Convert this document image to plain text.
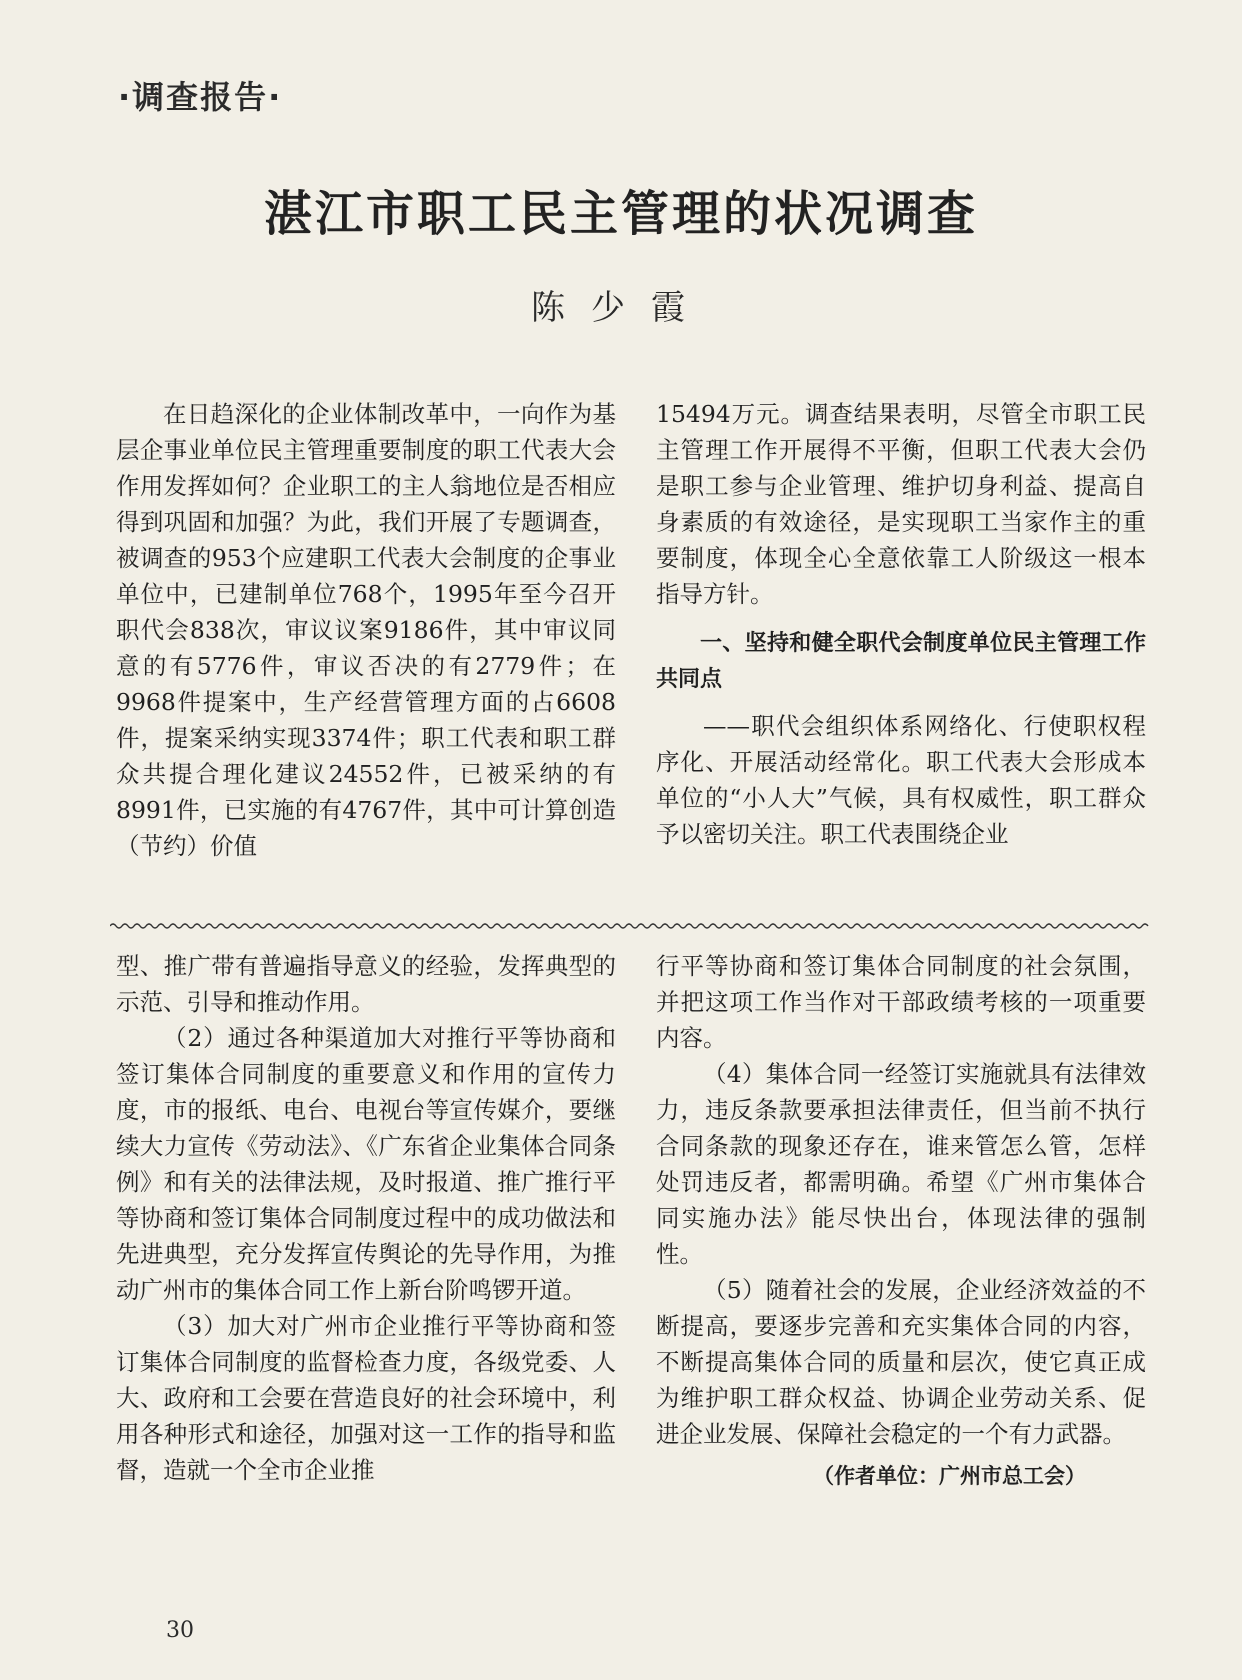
·调查报告·
湛江市职工民主管理的状况调查
陈少霞

在日趋深化的企业体制改革中，一向作为基层企事业单位民主管理重要制度的职工代表大会作用发挥如何？企业职工的主人翁地位是否相应得到巩固和加强？为此，我们开展了专题调查，被调查的953个应建职工代表大会制度的企事业单位中，已建制单位768个，1995年至今召开职代会838次，审议议案9186件，其中审议同意的有5776件，审议否决的有2779件；在9968件提案中，生产经营管理方面的占6608件，提案采纳实现3374件；职工代表和职工群众共提合理化建议24552件，已被采纳的有8991件，已实施的有4767件，其中可计算创造（节约）价值

15494万元。调查结果表明，尽管全市职工民主管理工作开展得不平衡，但职工代表大会仍是职工参与企业管理、维护切身利益、提高自身素质的有效途径，是实现职工当家作主的重要制度，体现全心全意依靠工人阶级这一根本指导方针。

一、坚持和健全职代会制度单位民主管理工作共同点

——职代会组织体系网络化、行使职权程序化、开展活动经常化。职工代表大会形成本单位的“小人大”气候，具有权威性，职工群众予以密切关注。职工代表围绕企业

型、推广带有普遍指导意义的经验，发挥典型的示范、引导和推动作用。

（2）通过各种渠道加大对推行平等协商和签订集体合同制度的重要意义和作用的宣传力度，市的报纸、电台、电视台等宣传媒介，要继续大力宣传《劳动法》、《广东省企业集体合同条例》和有关的法律法规，及时报道、推广推行平等协商和签订集体合同制度过程中的成功做法和先进典型，充分发挥宣传舆论的先导作用，为推动广州市的集体合同工作上新台阶鸣锣开道。

（3）加大对广州市企业推行平等协商和签订集体合同制度的监督检查力度，各级党委、人大、政府和工会要在营造良好的社会环境中，利用各种形式和途径，加强对这一工作的指导和监督，造就一个全市企业推

行平等协商和签订集体合同制度的社会氛围，并把这项工作当作对干部政绩考核的一项重要内容。

（4）集体合同一经签订实施就具有法律效力，违反条款要承担法律责任，但当前不执行合同条款的现象还存在，谁来管怎么管，怎样处罚违反者，都需明确。希望《广州市集体合同实施办法》能尽快出台，体现法律的强制性。

（5）随着社会的发展，企业经济效益的不断提高，要逐步完善和充实集体合同的内容，不断提高集体合同的质量和层次，使它真正成为维护职工群众权益、协调企业劳动关系、促进企业发展、保障社会稳定的一个有力武器。

（作者单位：广州市总工会）

30
